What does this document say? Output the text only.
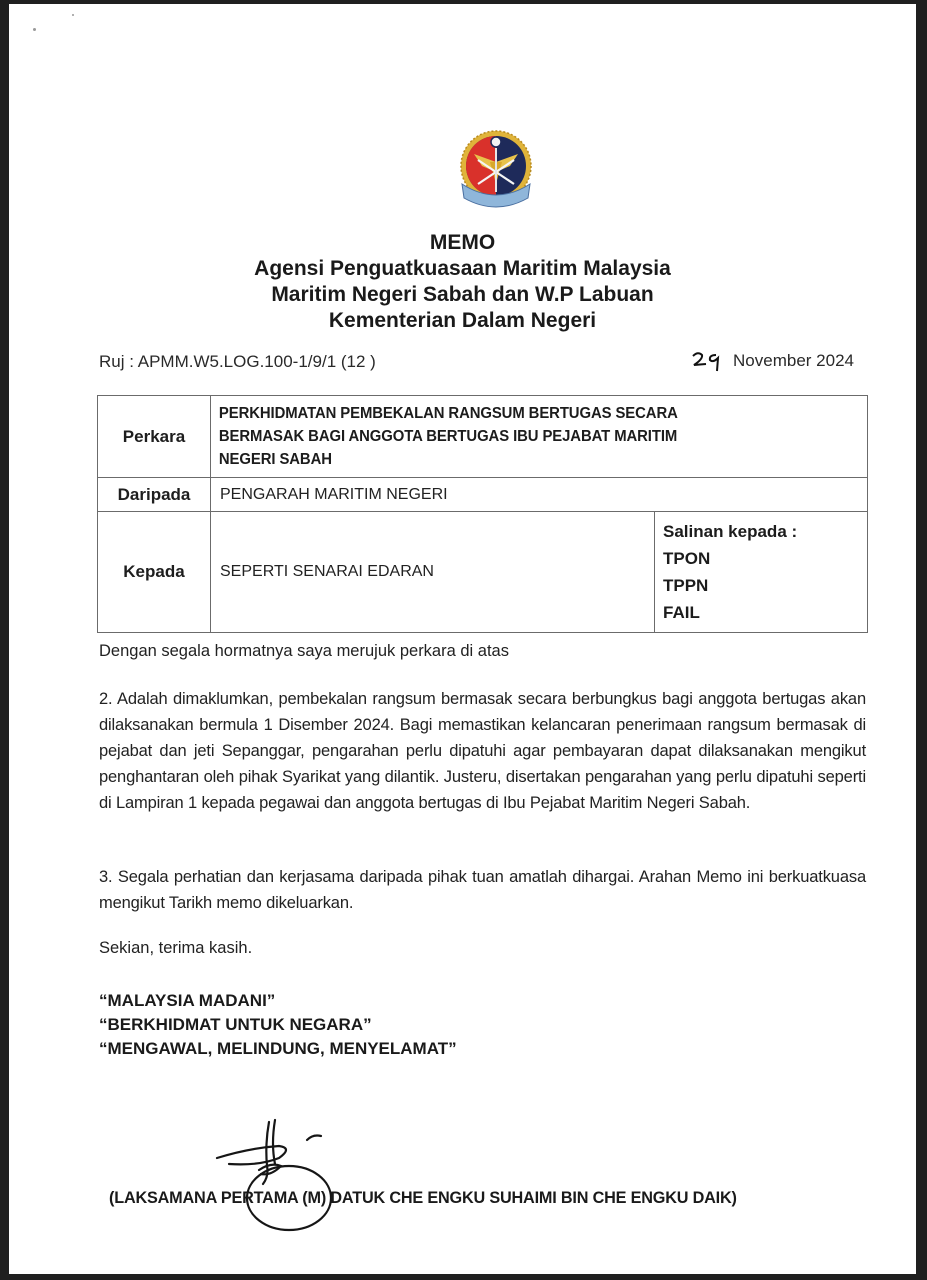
MEMO
Agensi Penguatkuasaan Maritim Malaysia
Maritim Negeri Sabah dan W.P Labuan
Kementerian Dalam Negeri
Ruj : APMM.W5.LOG.100-1/9/1 (12 )	November 2024
Perkara	PERKHIDMATAN PEMBEKALAN RANGSUM BERTUGAS SECARA
BERMASAK BAGI ANGGOTA BERTUGAS IBU PEJABAT MARITIM
NEGERI SABAH	

Daripada	PENGARAH MARITIM NEGERI	
Kepada	SEPERTI SENARAI EDARAN	Salinan kepada :
TPON
TPPN
FAIL
Dengan segala hormatnya saya merujuk perkara di atas
2. Adalah dimaklumkan, pembekalan rangsum bermasak secara berbungkus bagi anggota bertugas akan dilaksanakan bermula 1 Disember 2024. Bagi memastikan kelancaran penerimaan rangsum bermasak di pejabat dan jeti Sepanggar, pengarahan perlu dipatuhi agar pembayaran dapat dilaksanakan mengikut penghantaran oleh pihak Syarikat yang dilantik. Justeru, disertakan pengarahan yang perlu dipatuhi seperti di Lampiran 1 kepada pegawai dan anggota bertugas di Ibu Pejabat Maritim Negeri Sabah.
3. Segala perhatian dan kerjasama daripada pihak tuan amatlah dihargai. Arahan Memo ini berkuatkuasa mengikut Tarikh memo dikeluarkan.
Sekian, terima kasih.
“MALAYSIA MADANI”
“BERKHIDMAT UNTUK NEGARA”
“MENGAWAL, MELINDUNG, MENYELAMAT”
(LAKSAMANA PERTAMA (M) DATUK CHE ENGKU SUHAIMI BIN CHE ENGKU DAIK)
